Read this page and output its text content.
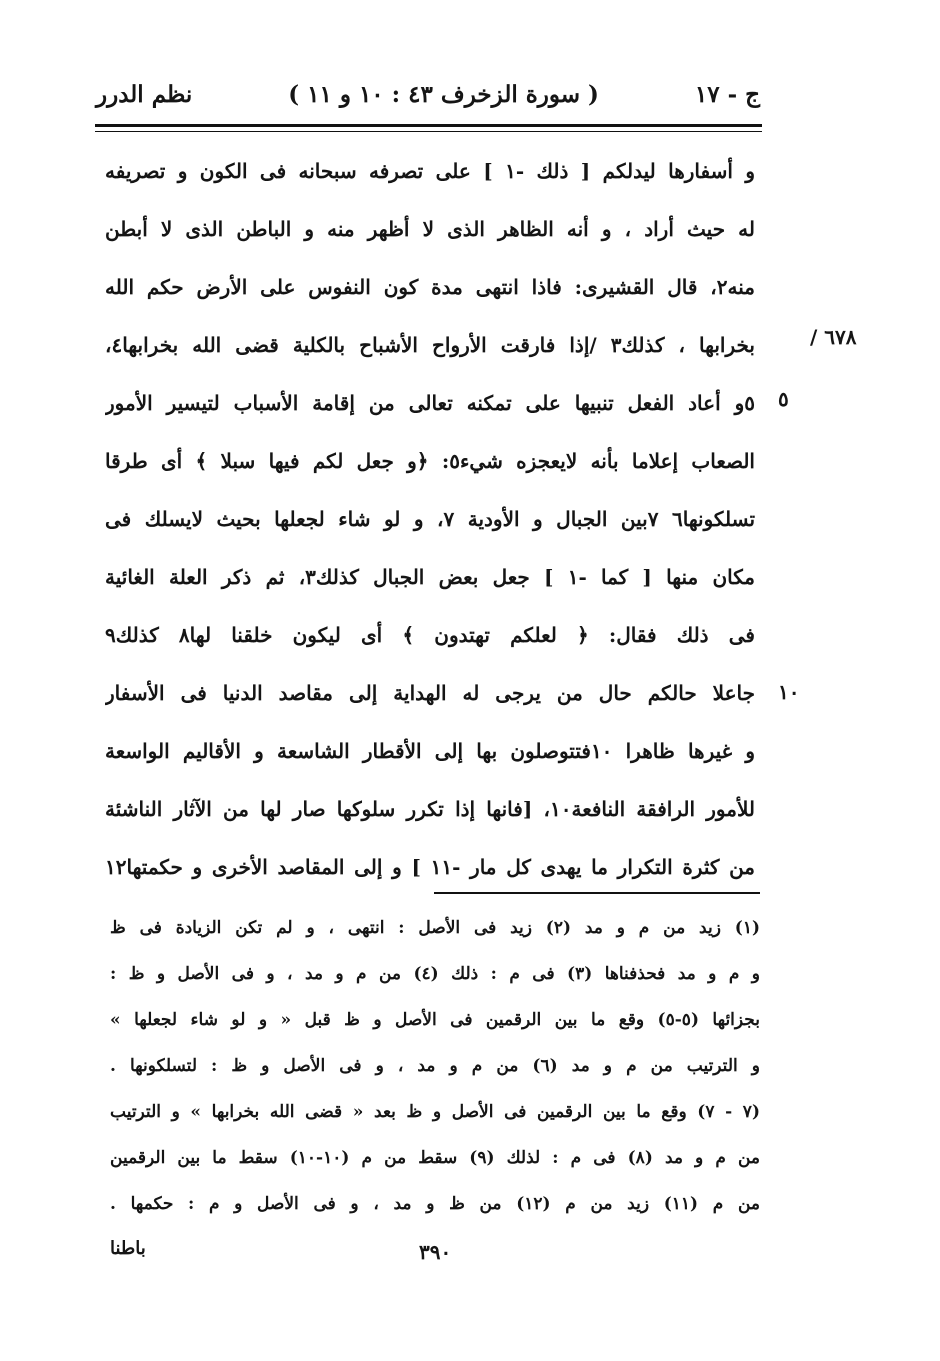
نظم الدرر	( سورة الزخرف ٤٣ : ١٠ و ١١ )	ج - ١٧
٦٧٨ /
٥
١٠
و أسفارها ليدلكم [ ذلك -١ ] على تصرفه سبحانه فى الكون و تصريفه
له حيث أراد ، و أنه الظاهر الذى لا أظهر منه و الباطن الذى لا أبطن
منه٢، قال القشيرى: فاذا انتهى مدة كون النفوس على الأرض حكم الله
بخرابها ، كذلك٣ /إذا فارقت الأرواح الأشباح بالكلية قضى الله بخرابها٤،
٥و أعاد الفعل تنبيها على تمكنه تعالى من إقامة الأسباب لتيسير الأمور
الصعاب إعلاما بأنه لايعجزه شيء٥: ﴿و جعل لكم فيها سبلا ﴾ أى طرقا
تسلكونها٦ ٧بين الجبال و الأودية ٧، و لو شاء لجعلها بحيث لايسلك فى
مكان منها [ كما -١ ] جعل بعض الجبال كذلك٣، ثم ذكر العلة الغائية
فى ذلك فقال: ﴿ لعلكم تهتدون ﴾ أى ليكون خلقنا لها٨ كذلك٩
جاعلا حالكم حال من يرجى له الهداية إلى مقاصد الدنيا فى الأسفار
و غيرها ظاهرا ١٠فتتوصلون بها إلى الأقطار الشاسعة و الأقاليم الواسعة
للأمور الرافقة النافعة١٠، [فانها إذا تكرر سلوكها صار لها من الآثار الناشئة
من كثرة التكرار ما يهدى كل مار -١١ ] و إلى المقاصد الأخرى و حكمتها١٢
(١) زيد من م و مد (٢) زيد فى الأصل : انتهى ، و لم تكن الزيادة فى ظ
و م و مد فحذفناها (٣) فى م : ذلك (٤) من م و مد ، و فى الأصل و ظ :
بجزائها (٥-٥) وقع ما بين الرقمين فى الأصل و ظ قبل « و لو شاء لجعلها »
و الترتيب من م و مد (٦) من م و مد ، و فى الأصل و ظ : لتسلكونها .
(٧ - ٧) وقع ما بين الرقمين فى الأصل و ظ بعد « قضى الله بخرابها » و الترتيب
من م و مد (٨) فى م : لذلك (٩) سقط من م (١٠-١٠) سقط ما بين الرقمين
من م (١١) زيد من م (١٢) من ظ و مد ، و فى الأصل و م : حكمها .
٣٩٠
باطنا
